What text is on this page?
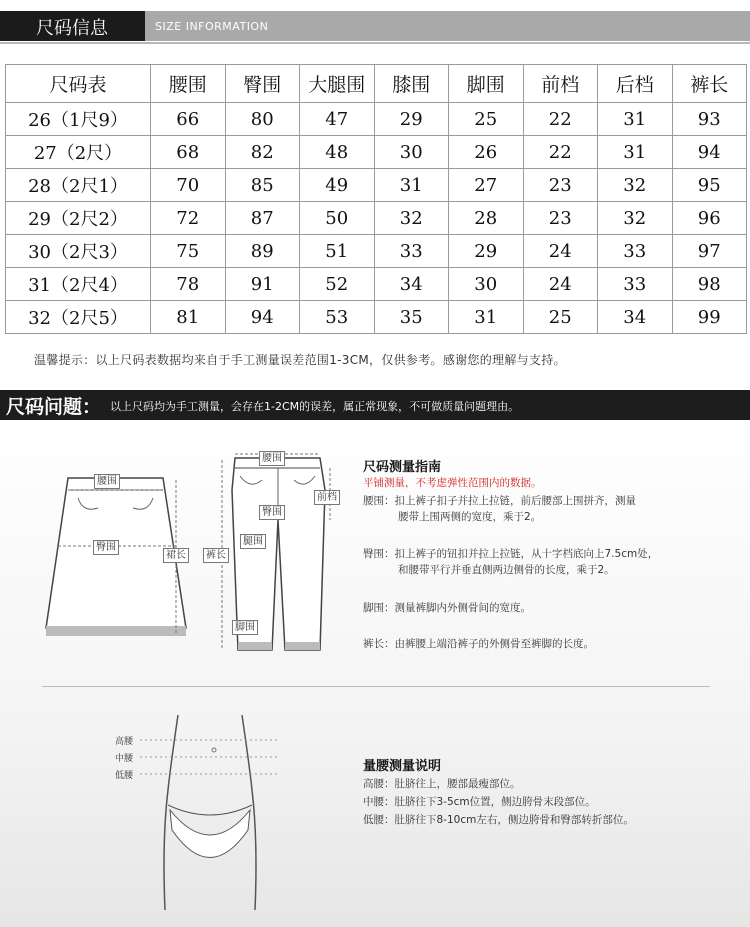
尺码信息	SIZE INFORMATION
尺码表	腰围	臀围	大腿围	膝围	脚围	前档	后档	裤长
26（1尺9）	66	80	47	29	25	22	31	93
27（2尺）	68	82	48	30	26	22	31	94
28（2尺1）	70	85	49	31	27	23	32	95
29（2尺2）	72	87	50	32	28	23	32	96
30（2尺3）	75	89	51	33	29	24	33	97
31（2尺4）	78	91	52	34	30	24	33	98
32（2尺5）	81	94	53	35	31	25	34	99
温馨提示：以上尺码表数据均来自于手工测量误差范围1-3CM，仅供参考。感谢您的理解与支持。
尺码问题： 以上尺码均为手工测量，会存在1-2CM的误差，属正常现象，不可做质量问题理由。
腰围
臀围
裙长
腰围
臀围
前档
腿围
裤长
脚围
尺码测量指南
平铺测量，不考虑弹性范围内的数据。
腰围：扣上裤子扣子并拉上拉链，前后腰部上围拼齐，测量
腰带上围两侧的宽度，乘于2。
臀围：扣上裤子的钮扣并拉上拉链，从十字档底向上7.5cm处，
和腰带平行并垂直侧两边侧骨的长度，乘于2。
脚围：测量裤脚内外侧骨间的宽度。
裤长：由裤腰上端沿裤子的外侧骨至裤脚的长度。
高腰
中腰
低腰
量腰测量说明
高腰：肚脐往上，腰部最瘦部位。
中腰：肚脐往下3-5cm位置，侧边胯骨末段部位。
低腰：肚脐往下8-10cm左右，侧边胯骨和臀部转折部位。
